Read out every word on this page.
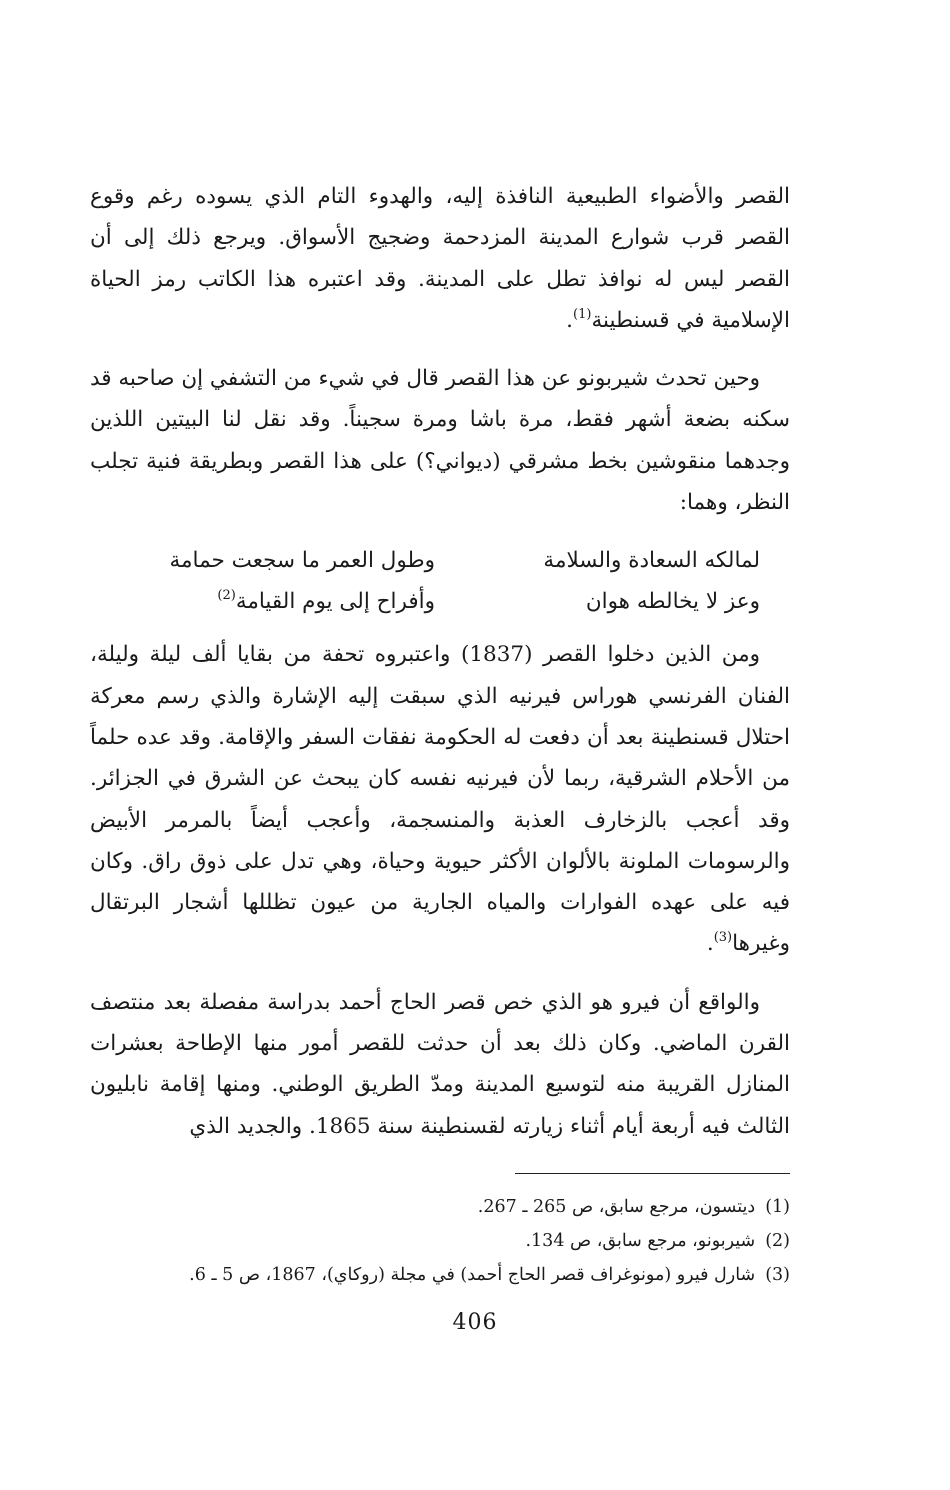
القصر والأضواء الطبيعية النافذة إليه، والهدوء التام الذي يسوده رغم وقوع القصر قرب شوارع المدينة المزدحمة وضجيج الأسواق. ويرجع ذلك إلى أن القصر ليس له نوافذ تطل على المدينة. وقد اعتبره هذا الكاتب رمز الحياة الإسلامية في قسنطينة$^{(1)}$.

وحين تحدث شيربونو عن هذا القصر قال في شيء من التشفي إن صاحبه قد سكنه بضعة أشهر فقط، مرة باشا ومرة سجيناً. وقد نقل لنا البيتين اللذين وجدهما منقوشين بخط مشرقي (ديواني؟) على هذا القصر وبطريقة فنية تجلب النظر، وهما:

لمالكه السعادة والسلامة
وطول العمر ما سجعت حمامة
وعز لا يخالطه هوان
وأفراح إلى يوم القيامة$^{(2)}$

ومن الذين دخلوا القصر (1837) واعتبروه تحفة من بقايا ألف ليلة وليلة، الفنان الفرنسي هوراس فيرنيه الذي سبقت إليه الإشارة والذي رسم معركة احتلال قسنطينة بعد أن دفعت له الحكومة نفقات السفر والإقامة. وقد عده حلماً من الأحلام الشرقية، ربما لأن فيرنيه نفسه كان يبحث عن الشرق في الجزائر. وقد أعجب بالزخارف العذبة والمنسجمة، وأعجب أيضاً بالمرمر الأبيض والرسومات الملونة بالألوان الأكثر حيوية وحياة، وهي تدل على ذوق راق. وكان فيه على عهده الفوارات والمياه الجارية من عيون تظللها أشجار البرتقال وغيرها$^{(3)}$.

والواقع أن فيرو هو الذي خص قصر الحاج أحمد بدراسة مفصلة بعد منتصف القرن الماضي. وكان ذلك بعد أن حدثت للقصر أمور منها الإطاحة بعشرات المنازل القريبة منه لتوسيع المدينة ومدّ الطريق الوطني. ومنها إقامة نابليون الثالث فيه أربعة أيام أثناء زيارته لقسنطينة سنة 1865. والجديد الذي

(1)ديتسون، مرجع سابق، ص 265 ـ 267.

(2)شيربونو، مرجع سابق، ص 134.

(3)شارل فيرو (مونوغراف قصر الحاج أحمد) في مجلة (روكاي)، 1867، ص 5 ـ 6.

406
